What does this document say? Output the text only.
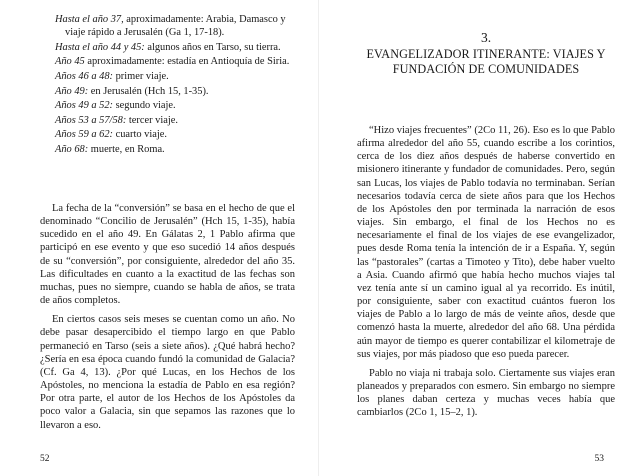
Hasta el año 37, aproximadamente: Arabia, Damasco y viaje rápido a Jerusalén (Ga 1, 17-18).
Hasta el año 44 y 45: algunos años en Tarso, su tierra.
Año 45 aproximadamente: estadía en Antioquía de Siria.
Años 46 a 48: primer viaje.
Año 49: en Jerusalén (Hch 15, 1-35).
Años 49 a 52: segundo viaje.
Años 53 a 57/58: tercer viaje.
Años 59 a 62: cuarto viaje.
Año 68: muerte, en Roma.

La fecha de la “conversión” se basa en el hecho de que el denominado “Concilio de Jerusalén” (Hch 15, 1-35), había sucedido en el año 49. En Gálatas 2, 1 Pablo afirma que participó en ese evento y que eso sucedió 14 años después de su “conversión”, por consiguiente, alrededor del año 35. Las dificultades en cuanto a la exactitud de las fechas son muchas, pues no siempre, cuando se habla de años, se trata de años completos.

En ciertos casos seis meses se cuentan como un año. No debe pasar desapercibido el tiempo largo en que Pablo permaneció en Tarso (seis a siete años). ¿Qué habrá hecho? ¿Sería en esa época cuando fundó la comunidad de Galacia? (Cf. Ga 4, 13). ¿Por qué Lucas, en los Hechos de los Apóstoles, no menciona la estadía de Pablo en esa región? Por otra parte, el autor de los Hechos de los Apóstoles da poco valor a Galacia, sin que sepamos las razones que lo llevaron a eso.

52
3.
EVANGELIZADOR ITINERANTE: VIAJES Y
FUNDACIÓN DE COMUNIDADES

“Hizo viajes frecuentes” (2Co 11, 26). Eso es lo que Pablo afirma alrededor del año 55, cuando escribe a los corintios, cerca de los diez años después de haberse convertido en misionero itinerante y fundador de comunidades. Pero, según san Lucas, los viajes de Pablo todavía no terminaban. Serían necesarios todavía cerca de siete años para que los Hechos de los Apóstoles den por terminada la narración de esos viajes. Sin embargo, el final de los Hechos no es necesariamente el final de los viajes de ese evangelizador, pues desde Roma tenía la intención de ir a España. Y, según las “pastorales” (cartas a Timoteo y Tito), debe haber vuelto a Asia. Cuando afirmó que había hecho muchos viajes tal vez tenía ante sí un camino igual al ya recorrido. Es inútil, por consiguiente, saber con exactitud cuántos fueron los viajes de Pablo a lo largo de más de veinte años, desde que comenzó hasta la muerte, alrededor del año 68. Una pérdida aún mayor de tiempo es querer contabilizar el kilometraje de sus viajes, por más piadoso que eso pueda parecer.

Pablo no viaja ni trabaja solo. Ciertamente sus viajes eran planeados y preparados con esmero. Sin embargo no siempre los planes daban certeza y muchas veces había que cambiarlos (2Co 1, 15–2, 1).

53
